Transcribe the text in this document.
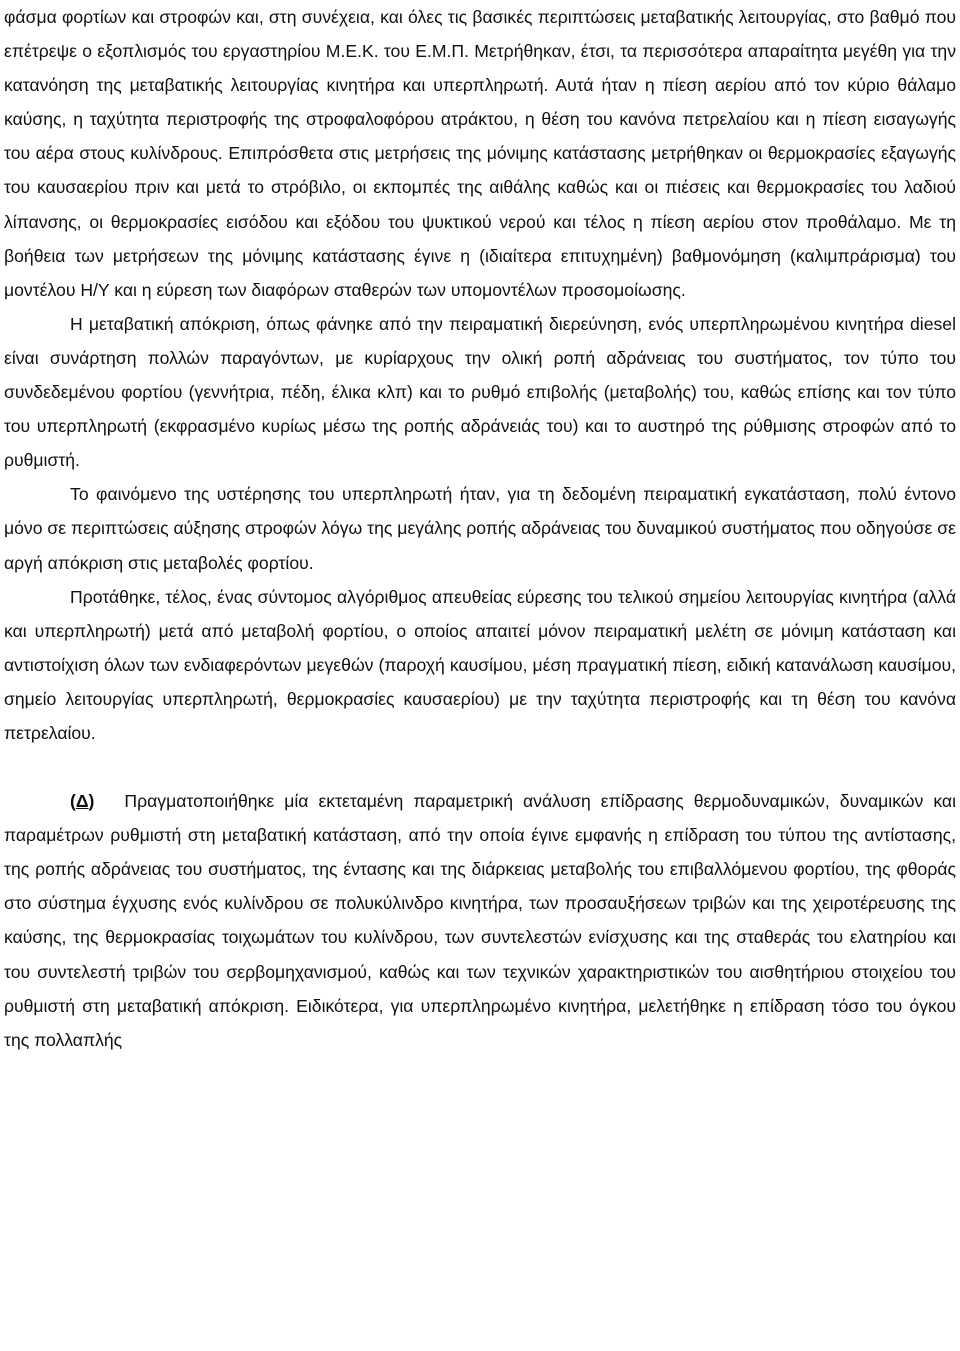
φάσμα φορτίων και στροφών και, στη συνέχεια, και όλες τις βασικές περιπτώσεις μεταβατικής λειτουργίας, στο βαθμό που επέτρεψε ο εξοπλισμός του εργαστηρίου Μ.Ε.Κ. του Ε.Μ.Π. Μετρήθηκαν, έτσι, τα περισσότερα απαραίτητα μεγέθη για την κατανόηση της μεταβατικής λειτουργίας κινητήρα και υπερπληρωτή. Αυτά ήταν η πίεση αερίου από τον κύριο θάλαμο καύσης, η ταχύτητα περιστροφής της στροφαλοφόρου ατράκτου, η θέση του κανόνα πετρελαίου και η πίεση εισαγωγής του αέρα στους κυλίνδρους. Επιπρόσθετα στις μετρήσεις της μόνιμης κατάστασης μετρήθηκαν οι θερμοκρασίες εξαγωγής του καυσαερίου πριν και μετά το στρόβιλο, οι εκπομπές της αιθάλης καθώς και οι πιέσεις και θερμοκρασίες του λαδιού λίπανσης, οι θερμοκρασίες εισόδου και εξόδου του ψυκτικού νερού και τέλος η πίεση αερίου στον προθάλαμο. Με τη βοήθεια των μετρήσεων της μόνιμης κατάστασης έγινε η (ιδιαίτερα επιτυχημένη) βαθμονόμηση (καλιμπράρισμα) του μοντέλου Η/Υ και η εύρεση των διαφόρων σταθερών των υπομοντέλων προσομοίωσης.

Η μεταβατική απόκριση, όπως φάνηκε από την πειραματική διερεύνηση, ενός υπερπληρωμένου κινητήρα diesel είναι συνάρτηση πολλών παραγόντων, με κυρίαρχους την ολική ροπή αδράνειας του συστήματος, τον τύπο του συνδεδεμένου φορτίου (γεννήτρια, πέδη, έλικα κλπ) και το ρυθμό επιβολής (μεταβολής) του, καθώς επίσης και τον τύπο του υπερπληρωτή (εκφρασμένο κυρίως μέσω της ροπής αδράνειάς του) και το αυστηρό της ρύθμισης στροφών από το ρυθμιστή.

Το φαινόμενο της υστέρησης του υπερπληρωτή ήταν, για τη δεδομένη πειραματική εγκατάσταση, πολύ έντονο μόνο σε περιπτώσεις αύξησης στροφών λόγω της μεγάλης ροπής αδράνειας του δυναμικού συστήματος που οδηγούσε σε αργή απόκριση στις μεταβολές φορτίου.

Προτάθηκε, τέλος, ένας σύντομος αλγόριθμος απευθείας εύρεσης του τελικού σημείου λειτουργίας κινητήρα (αλλά και υπερπληρωτή) μετά από μεταβολή φορτίου, ο οποίος απαιτεί μόνον πειραματική μελέτη σε μόνιμη κατάσταση και αντιστοίχιση όλων των ενδιαφερόντων μεγεθών (παροχή καυσίμου, μέση πραγματική πίεση, ειδική κατανάλωση καυσίμου, σημείο λειτουργίας υπερπληρωτή, θερμοκρασίες καυσαερίου) με την ταχύτητα περιστροφής και τη θέση του κανόνα πετρελαίου.

(Δ) Πραγματοποιήθηκε μία εκτεταμένη παραμετρική ανάλυση επίδρασης θερμοδυναμικών, δυναμικών και παραμέτρων ρυθμιστή στη μεταβατική κατάσταση, από την οποία έγινε εμφανής η επίδραση του τύπου της αντίστασης, της ροπής αδράνειας του συστήματος, της έντασης και της διάρκειας μεταβολής του επιβαλλόμενου φορτίου, της φθοράς στο σύστημα έγχυσης ενός κυλίνδρου σε πολυκύλινδρο κινητήρα, των προσαυξήσεων τριβών και της χειροτέρευσης της καύσης, της θερμοκρασίας τοιχωμάτων του κυλίνδρου, των συντελεστών ενίσχυσης και της σταθεράς του ελατηρίου και του συντελεστή τριβών του σερβομηχανισμού, καθώς και των τεχνικών χαρακτηριστικών του αισθητήριου στοιχείου του ρυθμιστή στη μεταβατική απόκριση. Ειδικότερα, για υπερπληρωμένο κινητήρα, μελετήθηκε η επίδραση τόσο του όγκου της πολλαπλής
